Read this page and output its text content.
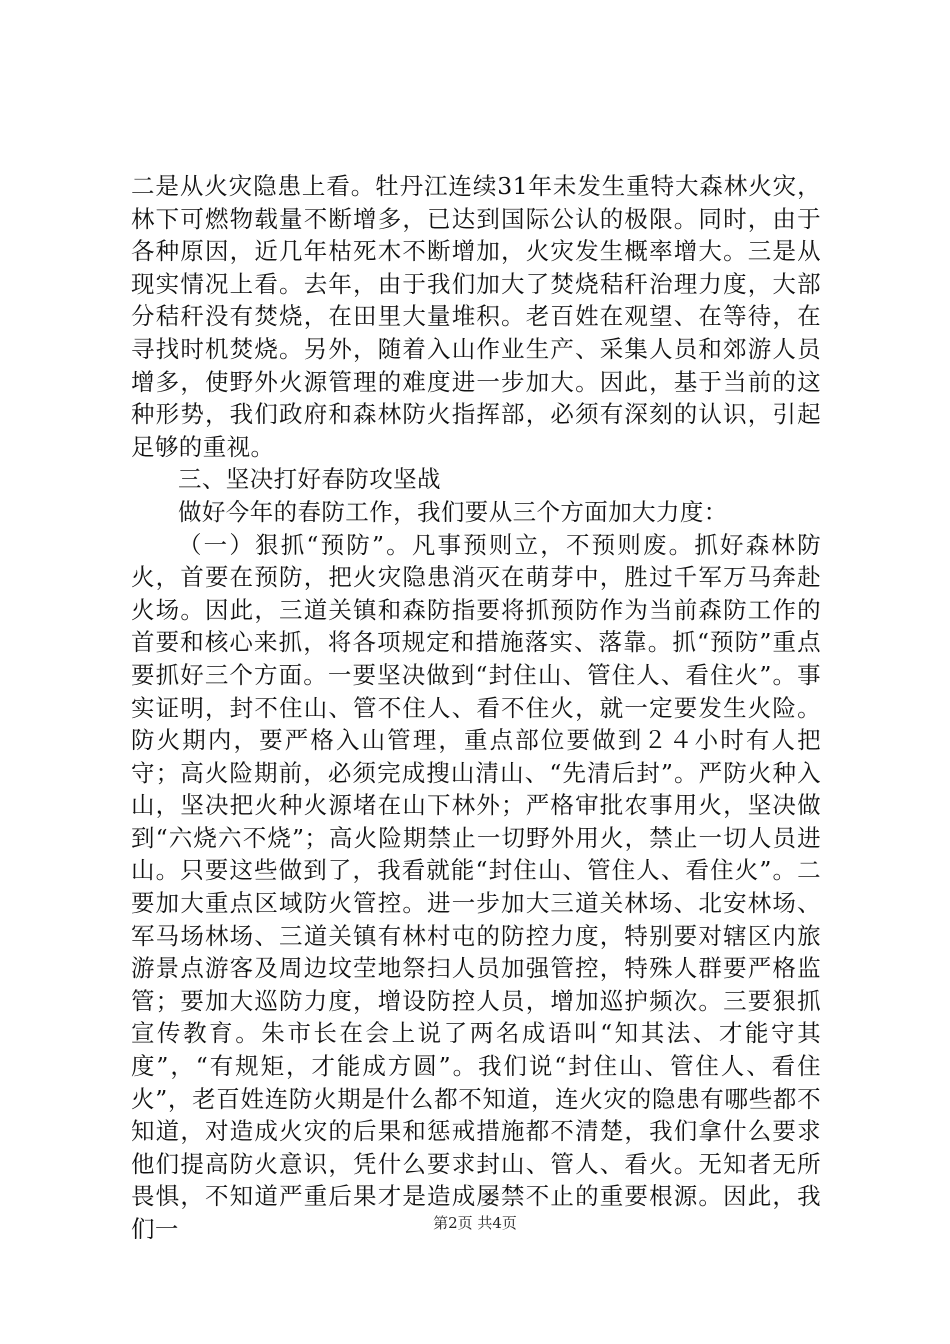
二是从火灾隐患上看。牡丹江连续31年未发生重特大森林火灾，林下可燃物载量不断增多，已达到国际公认的极限。同时，由于各种原因，近几年枯死木不断增加，火灾发生概率增大。三是从现实情况上看。去年，由于我们加大了焚烧秸秆治理力度，大部分秸秆没有焚烧，在田里大量堆积。老百姓在观望、在等待，在寻找时机焚烧。另外，随着入山作业生产、采集人员和郊游人员增多，使野外火源管理的难度进一步加大。因此，基于当前的这种形势，我们政府和森林防火指挥部，必须有深刻的认识，引起足够的重视。

三、坚决打好春防攻坚战

做好今年的春防工作，我们要从三个方面加大力度：

（一）狠抓“预防”。凡事预则立，不预则废。抓好森林防火，首要在预防，把火灾隐患消灭在萌芽中，胜过千军万马奔赴火场。因此，三道关镇和森防指要将抓预防作为当前森防工作的首要和核心来抓，将各项规定和措施落实、落靠。抓“预防”重点要抓好三个方面。一要坚决做到“封住山、管住人、看住火”。事实证明，封不住山、管不住人、看不住火，就一定要发生火险。防火期内，要严格入山管理，重点部位要做到２４小时有人把守；高火险期前，必须完成搜山清山、“先清后封”。严防火种入山，坚决把火种火源堵在山下林外；严格审批农事用火，坚决做到“六烧六不烧”；高火险期禁止一切野外用火，禁止一切人员进山。只要这些做到了，我看就能“封住山、管住人、看住火”。二要加大重点区域防火管控。进一步加大三道关林场、北安林场、军马场林场、三道关镇有林村屯的防控力度，特别要对辖区内旅游景点游客及周边坟茔地祭扫人员加强管控，特殊人群要严格监管；要加大巡防力度，增设防控人员，增加巡护频次。三要狠抓宣传教育。朱市长在会上说了两名成语叫“知其法、才能守其度”，“有规矩，才能成方圆”。我们说“封住山、管住人、看住火”，老百姓连防火期是什么都不知道，连火灾的隐患有哪些都不知道，对造成火灾的后果和惩戒措施都不清楚，我们拿什么要求他们提高防火意识，凭什么要求封山、管人、看火。无知者无所畏惧，不知道严重后果才是造成屡禁不止的重要根源。因此，我们一	第2页 共4页
